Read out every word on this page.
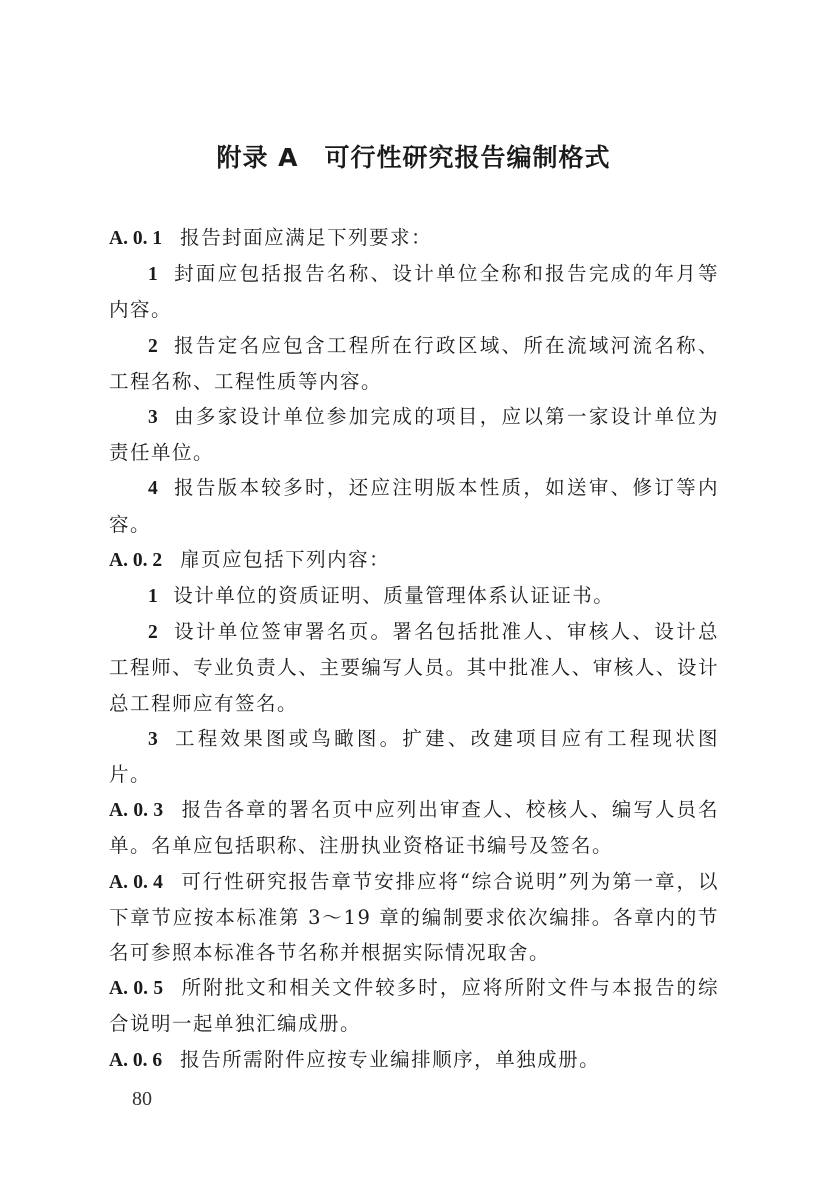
附录 A　可行性研究报告编制格式

A. 0. 1 报告封面应满足下列要求：

1 封面应包括报告名称、设计单位全称和报告完成的年月等内容。

2 报告定名应包含工程所在行政区域、所在流域河流名称、工程名称、工程性质等内容。

3 由多家设计单位参加完成的项目，应以第一家设计单位为责任单位。

4 报告版本较多时，还应注明版本性质，如送审、修订等内容。

A. 0. 2 扉页应包括下列内容：

1 设计单位的资质证明、质量管理体系认证证书。

2 设计单位签审署名页。署名包括批准人、审核人、设计总工程师、专业负责人、主要编写人员。其中批准人、审核人、设计总工程师应有签名。

3 工程效果图或鸟瞰图。扩建、改建项目应有工程现状图片。

A. 0. 3 报告各章的署名页中应列出审查人、校核人、编写人员名单。名单应包括职称、注册执业资格证书编号及签名。

A. 0. 4 可行性研究报告章节安排应将“综合说明”列为第一章，以下章节应按本标准第 3～19 章的编制要求依次编排。各章内的节名可参照本标准各节名称并根据实际情况取舍。

A. 0. 5 所附批文和相关文件较多时，应将所附文件与本报告的综合说明一起单独汇编成册。

A. 0. 6 报告所需附件应按专业编排顺序，单独成册。

80
